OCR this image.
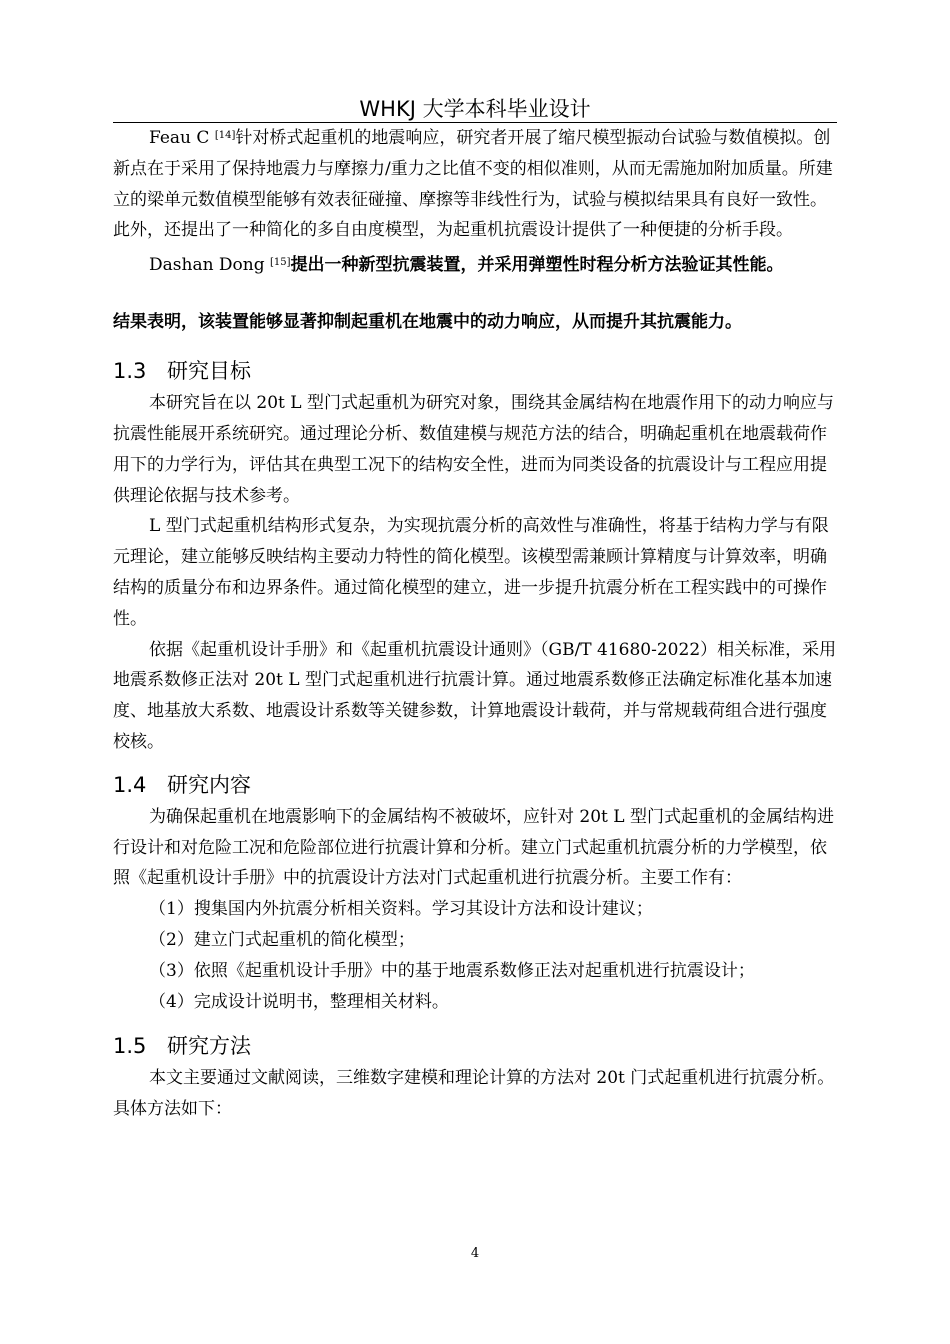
WHKJ 大学本科毕业设计

Feau C [14]针对桥式起重机的地震响应，研究者开展了缩尺模型振动台试验与数值模拟。创新点在于采用了保持地震力与摩擦力/重力之比值不变的相似准则，从而无需施加附加质量。所建立的梁单元数值模型能够有效表征碰撞、摩擦等非线性行为，试验与模拟结果具有良好一致性。此外，还提出了一种简化的多自由度模型，为起重机抗震设计提供了一种便捷的分析手段。

Dashan Dong [15]提出一种新型抗震装置，并采用弹塑性时程分析方法验证其性能。
结果表明，该装置能够显著抑制起重机在地震中的动力响应，从而提升其抗震能力。
1.3 研究目标

本研究旨在以 20t L 型门式起重机为研究对象，围绕其金属结构在地震作用下的动力响应与抗震性能展开系统研究。通过理论分析、数值建模与规范方法的结合，明确起重机在地震载荷作用下的力学行为，评估其在典型工况下的结构安全性，进而为同类设备的抗震设计与工程应用提供理论依据与技术参考。

L 型门式起重机结构形式复杂，为实现抗震分析的高效性与准确性，将基于结构力学与有限元理论，建立能够反映结构主要动力特性的简化模型。该模型需兼顾计算精度与计算效率，明确结构的质量分布和边界条件。通过简化模型的建立，进一步提升抗震分析在工程实践中的可操作性。

依据《起重机设计手册》和《起重机抗震设计通则》（GB/T 41680-2022）相关标准，采用地震系数修正法对 20t L 型门式起重机进行抗震计算。通过地震系数修正法确定标准化基本加速度、地基放大系数、地震设计系数等关键参数，计算地震设计载荷，并与常规载荷组合进行强度校核。

1.4 研究内容

为确保起重机在地震影响下的金属结构不被破坏，应针对 20t L 型门式起重机的金属结构进行设计和对危险工况和危险部位进行抗震计算和分析。建立门式起重机抗震分析的力学模型，依照《起重机设计手册》中的抗震设计方法对门式起重机进行抗震分析。主要工作有：

（1）搜集国内外抗震分析相关资料。学习其设计方法和设计建议；

（2）建立门式起重机的简化模型；

（3）依照《起重机设计手册》中的基于地震系数修正法对起重机进行抗震设计；

（4）完成设计说明书，整理相关材料。

1.5 研究方法

本文主要通过文献阅读，三维数字建模和理论计算的方法对 20t 门式起重机进行抗震分析。具体方法如下：

4
